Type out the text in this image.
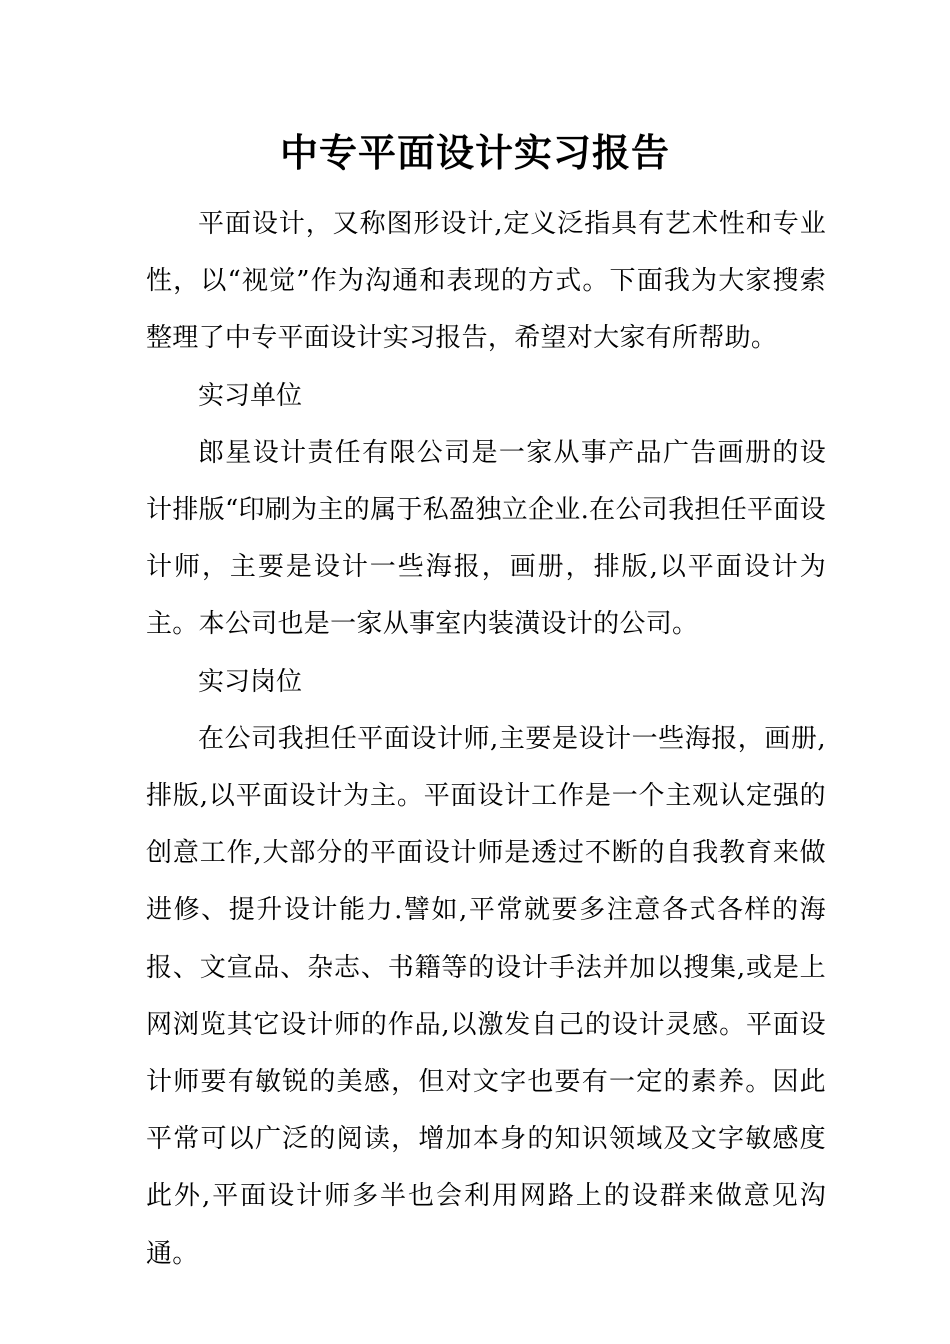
中专平面设计实习报告

平面设计，又称图形设计,定义泛指具有艺术性和专业性，以“视觉”作为沟通和表现的方式。下面我为大家搜索整理了中专平面设计实习报告，希望对大家有所帮助。

实习单位

郎星设计责任有限公司是一家从事产品广告画册的设计排版“印刷为主的属于私盈独立企业.在公司我担任平面设计师，主要是设计一些海报，画册，排版,以平面设计为主。本公司也是一家从事室内装潢设计的公司。

实习岗位

在公司我担任平面设计师,主要是设计一些海报，画册,排版,以平面设计为主。平面设计工作是一个主观认定强的创意工作,大部分的平面设计师是透过不断的自我教育来做进修、提升设计能力.譬如,平常就要多注意各式各样的海报、文宣品、杂志、书籍等的设计手法并加以搜集,或是上网浏览其它设计师的作品,以激发自己的设计灵感。平面设计师要有敏锐的美感，但对文字也要有一定的素养。因此平常可以广泛的阅读，增加本身的知识领域及文字敏感度此外,平面设计师多半也会利用网路上的设群来做意见沟通。
